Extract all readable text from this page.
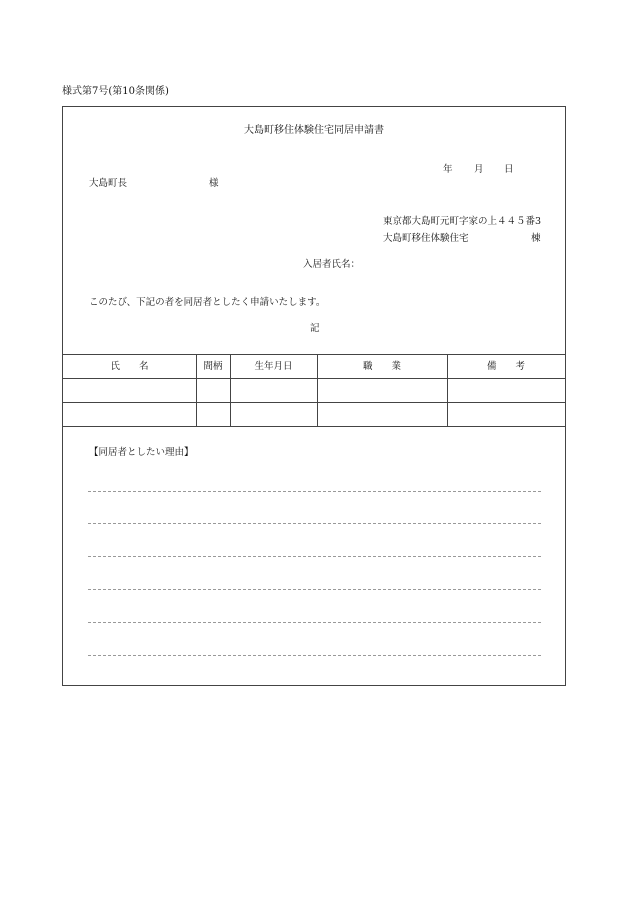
様式第7号(第10条関係)
大島町移住体験住宅同居申請書
年 月 日
大島町長	様
東京都大島町元町字家の上４４５番3
大島町移住体験住宅	棟
入居者氏名：
このたび、下記の者を同居者としたく申請いたします。
記
氏　　名	間柄	生年月日	職　　業	備　　考
【同居者としたい理由】
